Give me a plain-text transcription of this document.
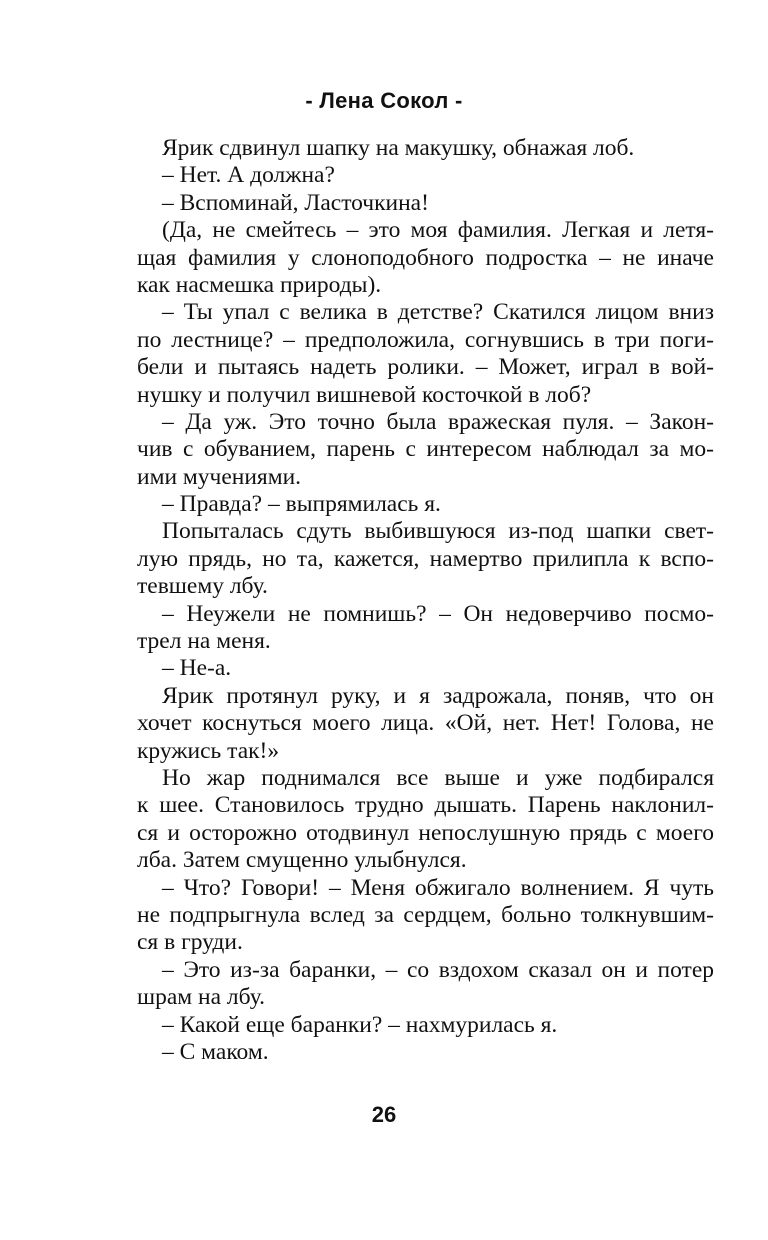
- Лена Сокол -
Ярик сдвинул шапку на макушку, обнажая лоб.
– Нет. А должна?
– Вспоминай, Ласточкина!
(Да, не смейтесь – это моя фамилия. Легкая и летя-
щая фамилия у слоноподобного подростка – не иначе
как насмешка природы).
– Ты упал с велика в детстве? Скатился лицом вниз
по лестнице? – предположила, согнувшись в три поги-
бели и пытаясь надеть ролики. – Может, играл в вой-
нушку и получил вишневой косточкой в лоб?
– Да уж. Это точно была вражеская пуля. – Закон-
чив с обуванием, парень с интересом наблюдал за мо-
ими мучениями.
– Правда? – выпрямилась я.
Попыталась сдуть выбившуюся из-под шапки свет-
лую прядь, но та, кажется, намертво прилипла к вспо-
тевшему лбу.
– Неужели не помнишь? – Он недоверчиво посмо-
трел на меня.
– Не-а.
Ярик протянул руку, и я задрожала, поняв, что он
хочет коснуться моего лица. «Ой, нет. Нет! Голова, не
кружись так!»
Но жар поднимался все выше и уже подбирался
к шее. Становилось трудно дышать. Парень наклонил-
ся и осторожно отодвинул непослушную прядь с моего
лба. Затем смущенно улыбнулся.
– Что? Говори! – Меня обжигало волнением. Я чуть
не подпрыгнула вслед за сердцем, больно толкнувшим-
ся в груди.
– Это из-за баранки, – со вздохом сказал он и потер
шрам на лбу.
– Какой еще баранки? – нахмурилась я.
– С маком.
26
